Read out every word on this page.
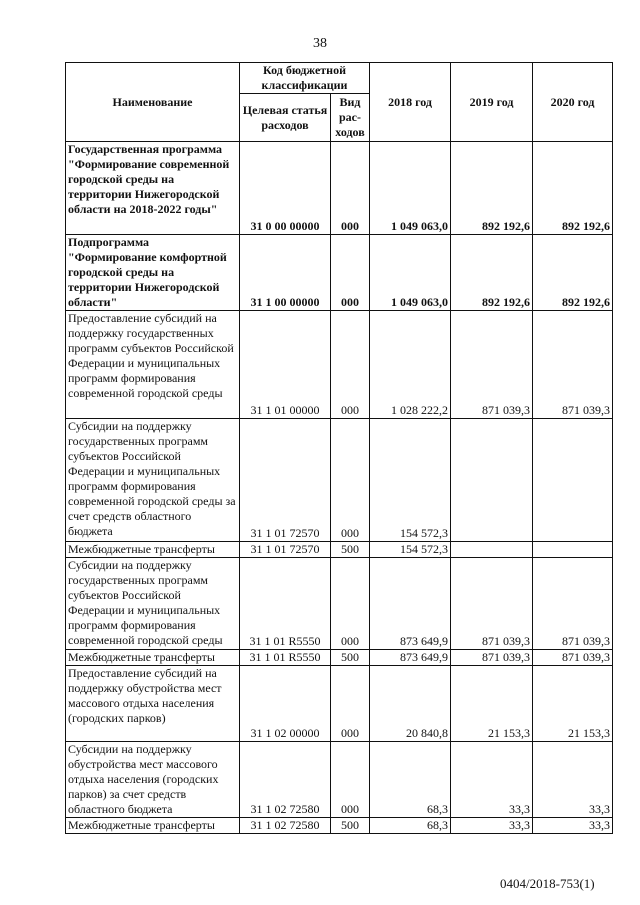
38
Наименование	Код бюджетной классификации		2018 год	2019 год	2020 год
	Целевая статья расходов	Вид рас-ходов			
Государственная программа "Формирование современной городской среды на территории Нижегородской области на 2018-2022 годы"	31 0 00 00000	000	1 049 063,0	892 192,6	892 192,6
Подпрограмма "Формирование комфортной городской среды на территории Нижегородской области"	31 1 00 00000	000	1 049 063,0	892 192,6	892 192,6
Предоставление субсидий на поддержку государственных программ субъектов Российской Федерации и муниципальных программ формирования современной городской среды	31 1 01 00000	000	1 028 222,2	871 039,3	871 039,3
Субсидии на поддержку государственных программ субъектов Российской Федерации и муниципальных программ формирования современной городской среды за счет средств областного бюджета	31 1 01 72570	000	154 572,3		
Межбюджетные трансферты	31 1 01 72570	500	154 572,3		
Субсидии на поддержку государственных программ субъектов Российской Федерации и муниципальных программ формирования современной городской среды	31 1 01 R5550	000	873 649,9	871 039,3	871 039,3
Межбюджетные трансферты	31 1 01 R5550	500	873 649,9	871 039,3	871 039,3
Предоставление субсидий на поддержку обустройства мест массового отдыха населения (городских парков)	31 1 02 00000	000	20 840,8	21 153,3	21 153,3
Субсидии на поддержку обустройства мест массового отдыха населения (городских парков) за счет средств областного бюджета	31 1 02 72580	000	68,3	33,3	33,3
Межбюджетные трансферты	31 1 02 72580	500	68,3	33,3	33,3
0404/2018-753(1)
